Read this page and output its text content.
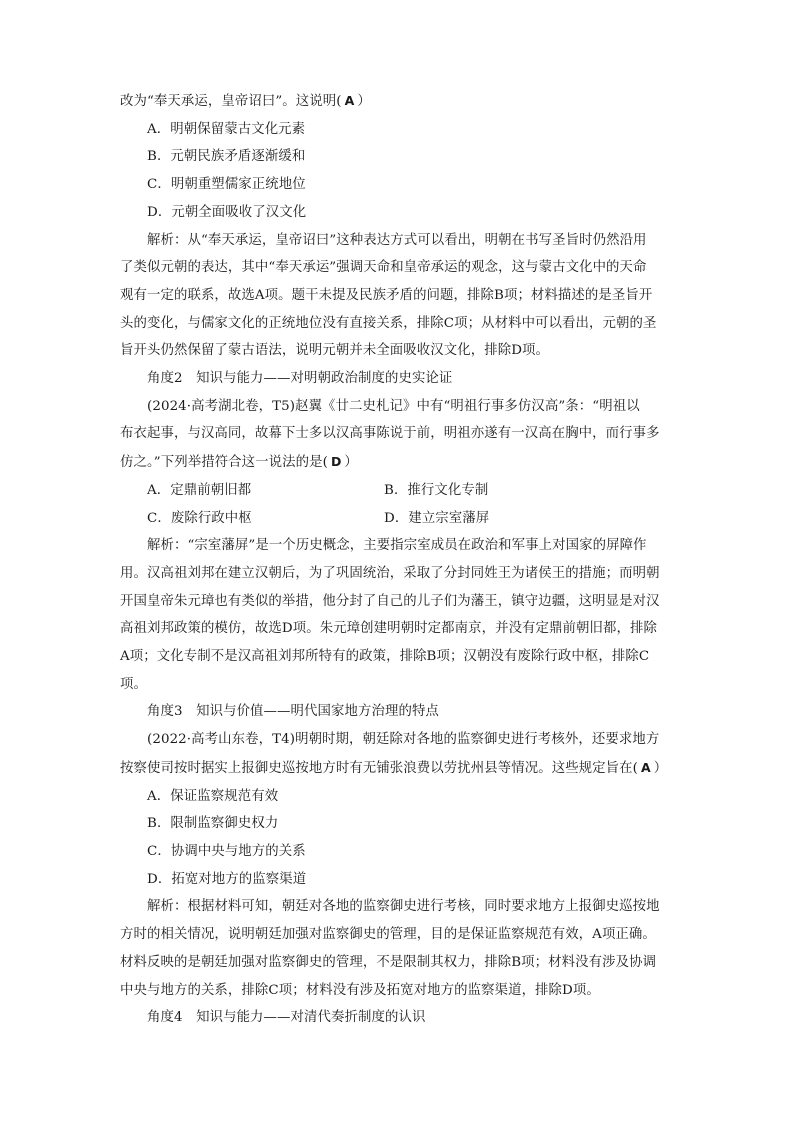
改为“奉天承运，皇帝诏曰”。这说明( A ）

A．明朝保留蒙古文化元素

B．元朝民族矛盾逐渐缓和

C．明朝重塑儒家正统地位

D．元朝全面吸收了汉文化

解析：从“奉天承运，皇帝诏曰”这种表达方式可以看出，明朝在书写圣旨时仍然沿用

了类似元朝的表达，其中“奉天承运”强调天命和皇帝承运的观念，这与蒙古文化中的天命

观有一定的联系，故选A项。题干未提及民族矛盾的问题，排除B项；材料描述的是圣旨开

头的变化，与儒家文化的正统地位没有直接关系，排除C项；从材料中可以看出，元朝的圣

旨开头仍然保留了蒙古语法，说明元朝并未全面吸收汉文化，排除D项。

角度2　知识与能力——对明朝政治制度的史实论证

(2024·高考湖北卷，T5)赵翼《廿二史札记》中有“明祖行事多仿汉高”条：“明祖以

布衣起事，与汉高同，故幕下士多以汉高事陈说于前，明祖亦遂有一汉高在胸中，而行事多

仿之。”下列举措符合这一说法的是( D ）

A．定鼎前朝旧都	B．推行文化专制
C．废除行政中枢	D．建立宗室藩屏

解析：“宗室藩屏”是一个历史概念，主要指宗室成员在政治和军事上对国家的屏障作

用。汉高祖刘邦在建立汉朝后，为了巩固统治，采取了分封同姓王为诸侯王的措施；而明朝

开国皇帝朱元璋也有类似的举措，他分封了自己的儿子们为藩王，镇守边疆，这明显是对汉

高祖刘邦政策的模仿，故选D项。朱元璋创建明朝时定都南京，并没有定鼎前朝旧都，排除

A项；文化专制不是汉高祖刘邦所特有的政策，排除B项；汉朝没有废除行政中枢，排除C

项。

角度3　知识与价值——明代国家地方治理的特点

(2022·高考山东卷，T4)明朝时期，朝廷除对各地的监察御史进行考核外，还要求地方

按察使司按时据实上报御史巡按地方时有无铺张浪费以劳扰州县等情况。这些规定旨在( A ）

A．保证监察规范有效

B．限制监察御史权力

C．协调中央与地方的关系

D．拓宽对地方的监察渠道

解析：根据材料可知，朝廷对各地的监察御史进行考核，同时要求地方上报御史巡按地

方时的相关情况，说明朝廷加强对监察御史的管理，目的是保证监察规范有效，A项正确。

材料反映的是朝廷加强对监察御史的管理，不是限制其权力，排除B项；材料没有涉及协调

中央与地方的关系，排除C项；材料没有涉及拓宽对地方的监察渠道，排除D项。

角度4　知识与能力——对清代奏折制度的认识
